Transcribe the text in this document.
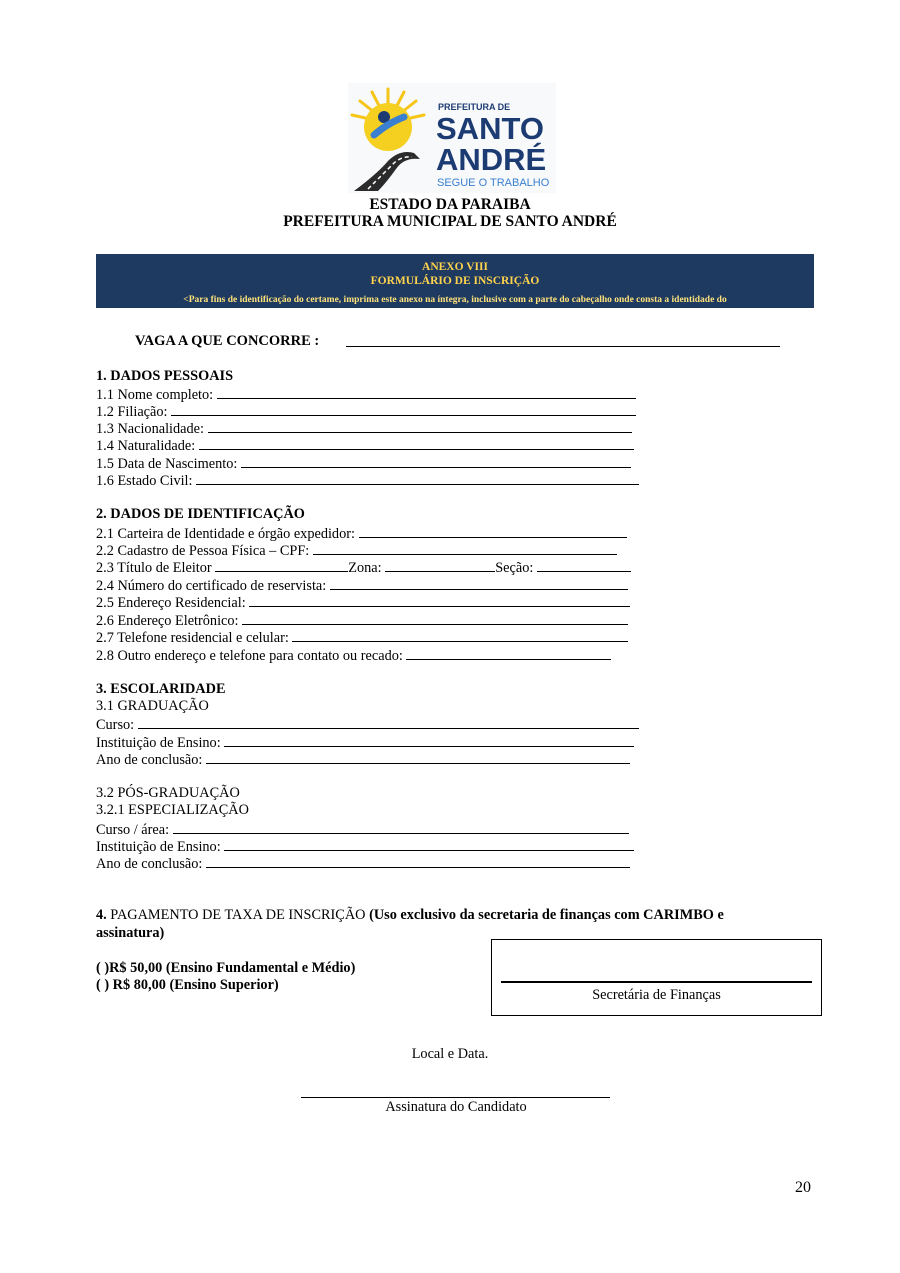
PREFEITURA DE
SANTO
ANDRÉ
SEGUE O TRABALHO
ESTADO DA PARAIBA
PREFEITURA MUNICIPAL DE SANTO ANDRÉ
ANEXO VIII
FORMULÁRIO DE INSCRIÇÃO
<Para fins de identificação do certame, imprima este anexo na íntegra, inclusive com a parte do cabeçalho onde consta a identidade do
VAGA A QUE CONCORRE :
1. DADOS PESSOAIS
1.1 Nome completo:
1.2 Filiação:
1.3 Nacionalidade:
1.4 Naturalidade:
1.5 Data de Nascimento:
1.6 Estado Civil:
2. DADOS DE IDENTIFICAÇÃO
2.1 Carteira de Identidade e órgão expedidor:
2.2 Cadastro de Pessoa Física – CPF:
2.3 Título de Eleitor	Zona:	Seção:
2.4 Número do certificado de reservista:
2.5 Endereço Residencial:
2.6 Endereço Eletrônico:
2.7 Telefone residencial e celular:
2.8 Outro endereço e telefone para contato ou recado:
3. ESCOLARIDADE
3.1 GRADUAÇÃO
Curso:
Instituição de Ensino:
Ano de conclusão:
3.2 PÓS-GRADUAÇÃO
3.2.1 ESPECIALIZAÇÃO
Curso / área:
Instituição de Ensino:
Ano de conclusão:
4. PAGAMENTO DE TAXA DE INSCRIÇÃO (Uso exclusivo da secretaria de finanças com CARIMBO e
assinatura)
( )R$ 50,00 (Ensino Fundamental e Médio)
( ) R$ 80,00 (Ensino Superior)
Secretária de Finanças
Local e Data.
Assinatura do Candidato
20
